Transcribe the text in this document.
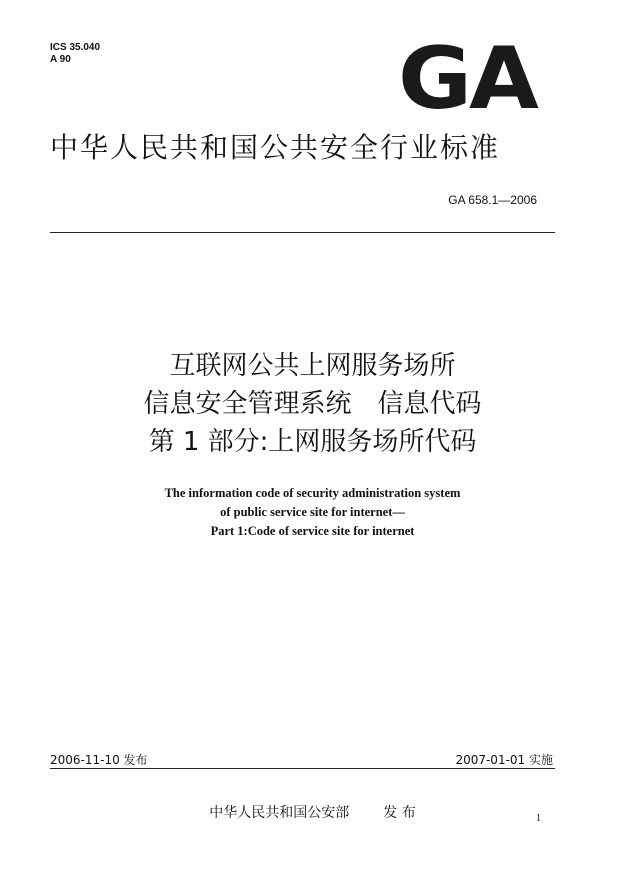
ICS 35.040
A 90	GA
中华人民共和国公共安全行业标准
GA 658.1—2006
互联网公共上网服务场所
信息安全管理系统　信息代码
第 1 部分:上网服务场所代码
The information code of security administration system
of public service site for internet—
Part 1:Code of service site for internet
2006-11-10 发布	2007-01-01 实施
中华人民共和国公安部 发 布	1
